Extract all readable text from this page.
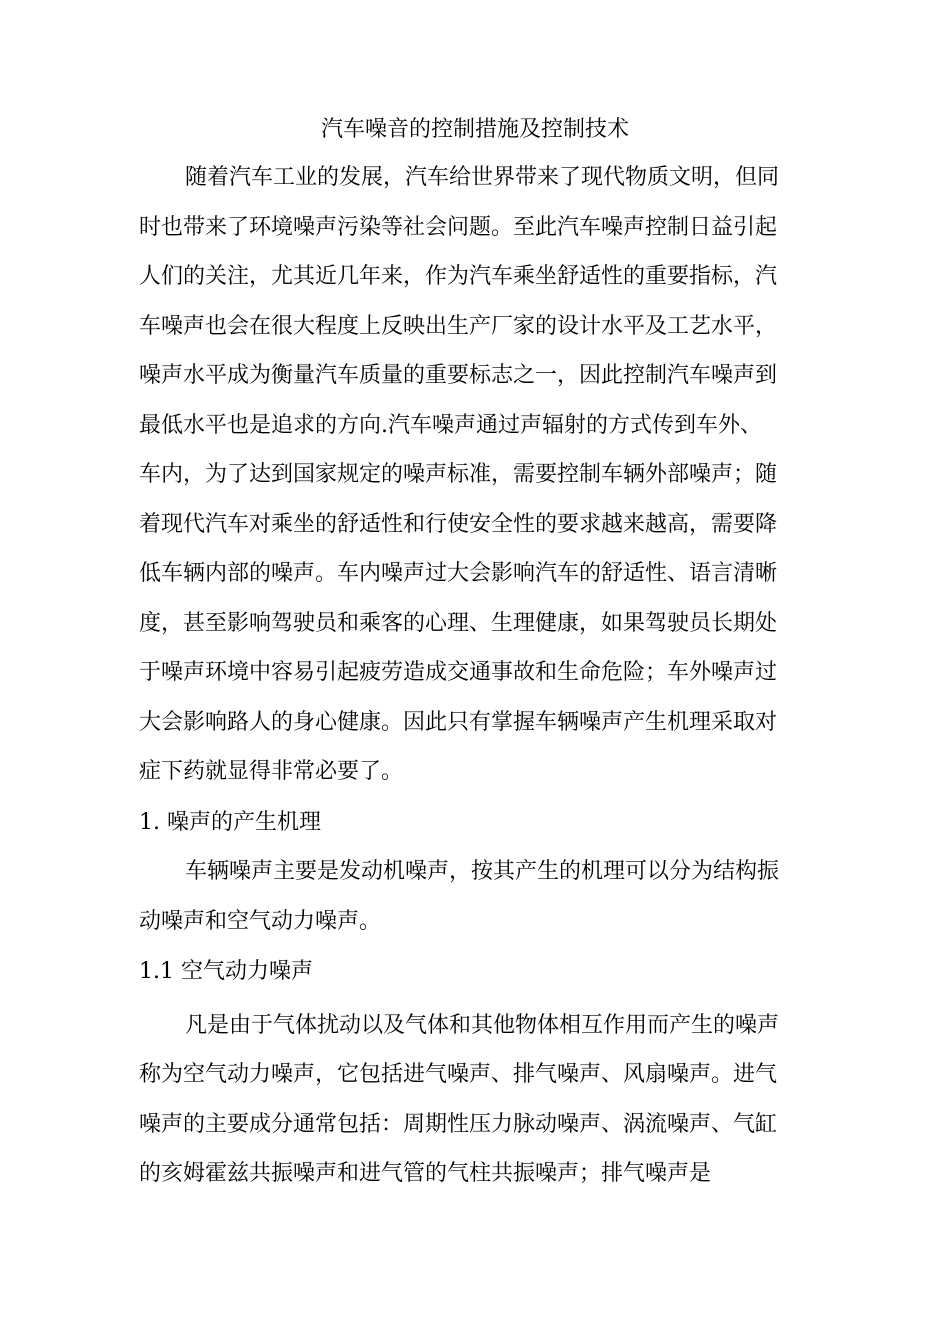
汽车噪音的控制措施及控制技术

随着汽车工业的发展，汽车给世界带来了现代物质文明，但同

时也带来了环境噪声污染等社会问题。至此汽车噪声控制日益引起

人们的关注，尤其近几年来，作为汽车乘坐舒适性的重要指标，汽

车噪声也会在很大程度上反映出生产厂家的设计水平及工艺水平，

噪声水平成为衡量汽车质量的重要标志之一，因此控制汽车噪声到

最低水平也是追求的方向.汽车噪声通过声辐射的方式传到车外、

车内，为了达到国家规定的噪声标准，需要控制车辆外部噪声；随

着现代汽车对乘坐的舒适性和行使安全性的要求越来越高，需要降

低车辆内部的噪声。车内噪声过大会影响汽车的舒适性、语言清晰

度，甚至影响驾驶员和乘客的心理、生理健康，如果驾驶员长期处

于噪声环境中容易引起疲劳造成交通事故和生命危险；车外噪声过

大会影响路人的身心健康。因此只有掌握车辆噪声产生机理采取对

症下药就显得非常必要了。

1. 噪声的产生机理

车辆噪声主要是发动机噪声，按其产生的机理可以分为结构振

动噪声和空气动力噪声。

1.1 空气动力噪声

凡是由于气体扰动以及气体和其他物体相互作用而产生的噪声

称为空气动力噪声，它包括进气噪声、排气噪声、风扇噪声。进气

噪声的主要成分通常包括：周期性压力脉动噪声、涡流噪声、气缸

的亥姆霍兹共振噪声和进气管的气柱共振噪声；排气噪声是
